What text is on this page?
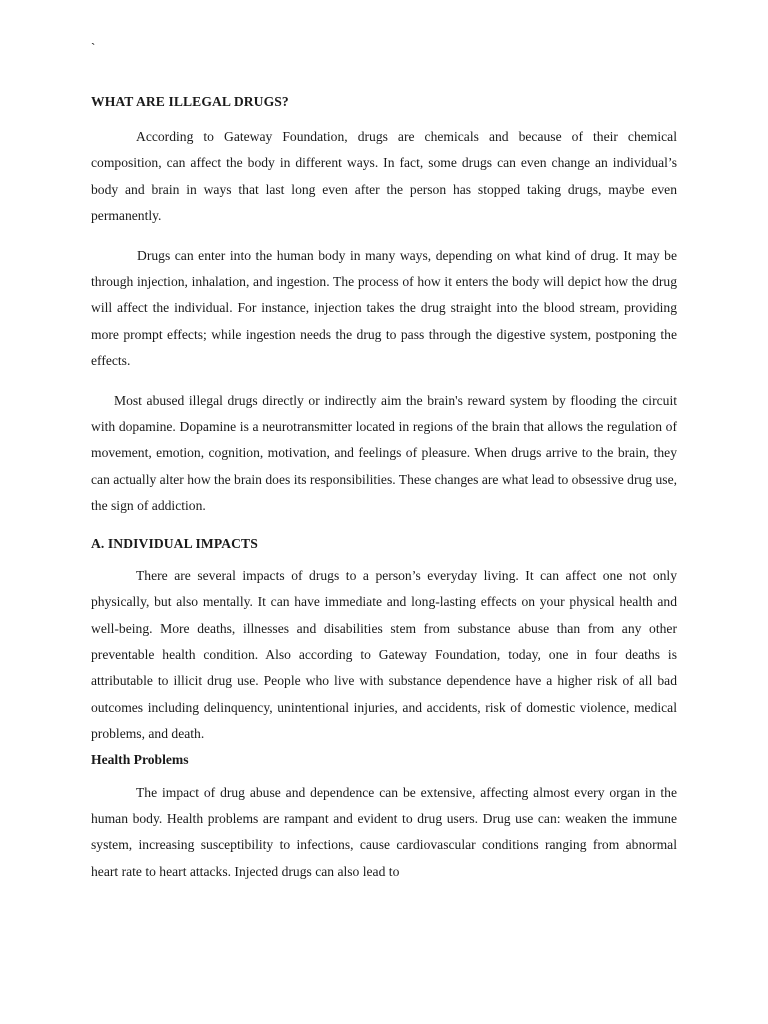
`
WHAT ARE ILLEGAL DRUGS?

According to Gateway Foundation, drugs are chemicals and because of their chemical composition, can affect the body in different ways. In fact, some drugs can even change an individual’s body and brain in ways that last long even after the person has stopped taking drugs, maybe even permanently.

Drugs can enter into the human body in many ways, depending on what kind of drug. It may be through injection, inhalation, and ingestion. The process of how it enters the body will depict how the drug will affect the individual. For instance, injection takes the drug straight into the blood stream, providing more prompt effects; while ingestion needs the drug to pass through the digestive system, postponing the effects.

Most abused illegal drugs directly or indirectly aim the brain's reward system by flooding the circuit with dopamine. Dopamine is a neurotransmitter located in regions of the brain that allows the regulation of movement, emotion, cognition, motivation, and feelings of pleasure. When drugs arrive to the brain, they can actually alter how the brain does its responsibilities. These changes are what lead to obsessive drug use, the sign of addiction.

A. INDIVIDUAL IMPACTS

There are several impacts of drugs to a person’s everyday living. It can affect one not only physically, but also mentally. It can have immediate and long-lasting effects on your physical health and well-being. More deaths, illnesses and disabilities stem from substance abuse than from any other preventable health condition. Also according to Gateway Foundation, today, one in four deaths is attributable to illicit drug use. People who live with substance dependence have a higher risk of all bad outcomes including delinquency, unintentional injuries, and accidents, risk of domestic violence, medical problems, and death.

Health Problems

The impact of drug abuse and dependence can be extensive, affecting almost every organ in the human body. Health problems are rampant and evident to drug users. Drug use can: weaken the immune system, increasing susceptibility to infections, cause cardiovascular conditions ranging from abnormal heart rate to heart attacks. Injected drugs can also lead to
